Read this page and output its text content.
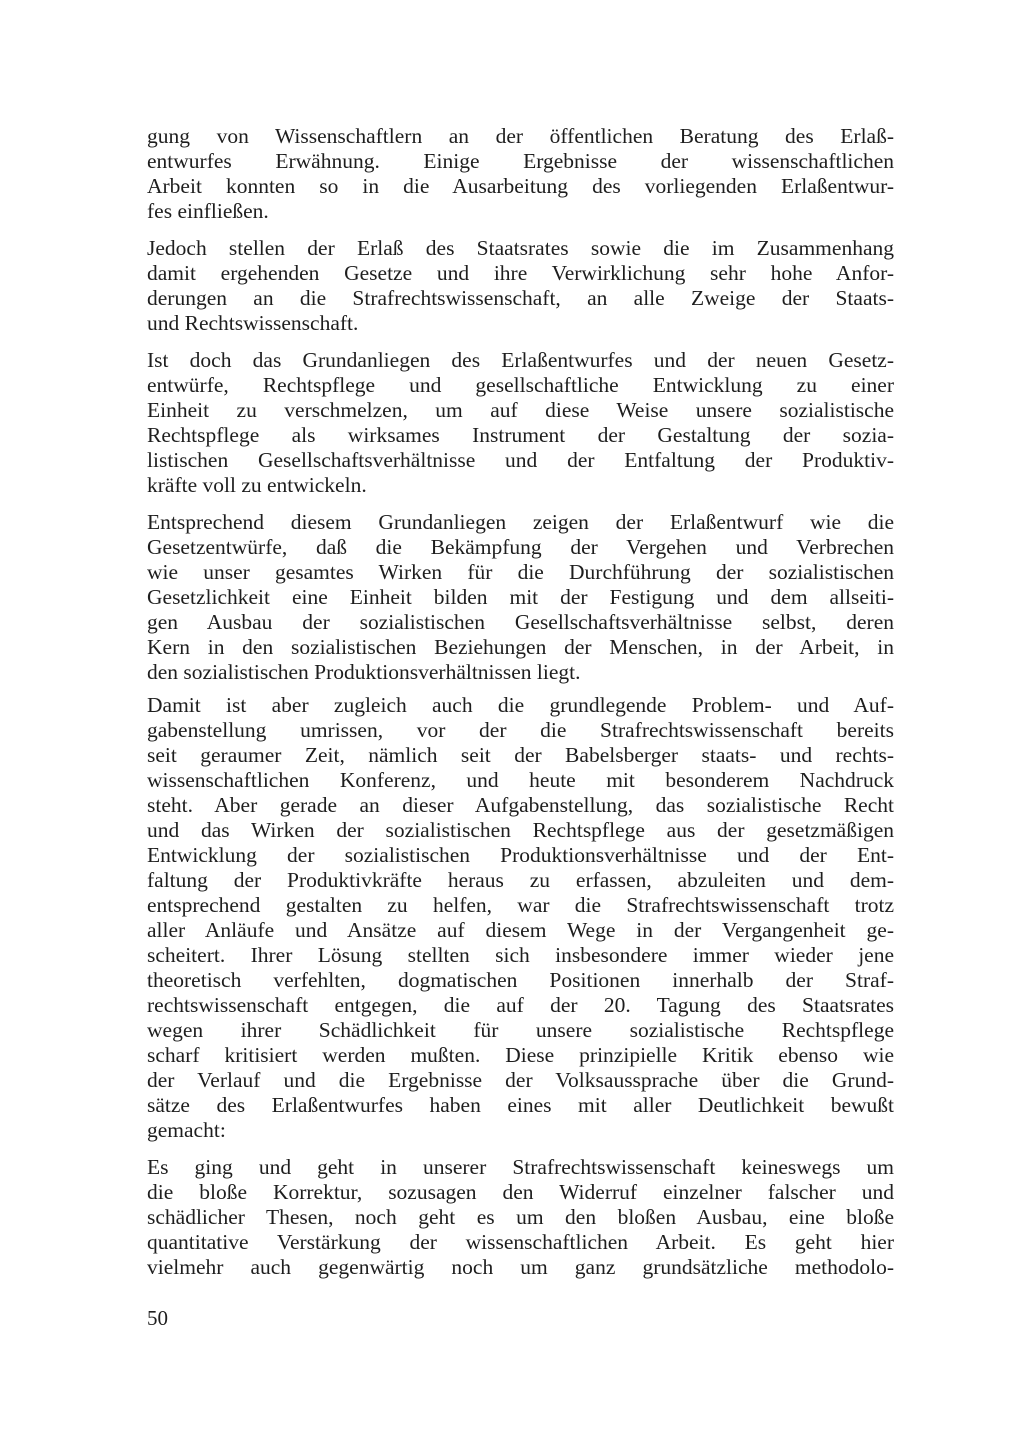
gung von Wissenschaftlern an der öffentlichen Beratung des Erlaß-
entwurfes Erwähnung. Einige Ergebnisse der wissenschaftlichen
Arbeit konnten so in die Ausarbeitung des vorliegenden Erlaßentwur-
fes einfließen.
Jedoch stellen der Erlaß des Staatsrates sowie die im Zusammenhang
damit ergehenden Gesetze und ihre Verwirklichung sehr hohe Anfor-
derungen an die Strafrechtswissenschaft, an alle Zweige der Staats-
und Rechtswissenschaft.
Ist doch das Grundanliegen des Erlaßentwurfes und der neuen Gesetz-
entwürfe, Rechtspflege und gesellschaftliche Entwicklung zu einer
Einheit zu verschmelzen, um auf diese Weise unsere sozialistische
Rechtspflege als wirksames Instrument der Gestaltung der sozia-
listischen Gesellschaftsverhältnisse und der Entfaltung der Produktiv-
kräfte voll zu entwickeln.
Entsprechend diesem Grundanliegen zeigen der Erlaßentwurf wie die
Gesetzentwürfe, daß die Bekämpfung der Vergehen und Verbrechen
wie unser gesamtes Wirken für die Durchführung der sozialistischen
Gesetzlichkeit eine Einheit bilden mit der Festigung und dem allseiti-
gen Ausbau der sozialistischen Gesellschaftsverhältnisse selbst, deren
Kern in den sozialistischen Beziehungen der Menschen, in der Arbeit, in
den sozialistischen Produktionsverhältnissen liegt.
Damit ist aber zugleich auch die grundlegende Problem- und Auf-
gabenstellung umrissen, vor der die Strafrechtswissenschaft bereits
seit geraumer Zeit, nämlich seit der Babelsberger staats- und rechts-
wissenschaftlichen Konferenz, und heute mit besonderem Nachdruck
steht. Aber gerade an dieser Aufgabenstellung, das sozialistische Recht
und das Wirken der sozialistischen Rechtspflege aus der gesetzmäßigen
Entwicklung der sozialistischen Produktionsverhältnisse und der Ent-
faltung der Produktivkräfte heraus zu erfassen, abzuleiten und dem-
entsprechend gestalten zu helfen, war die Strafrechtswissenschaft trotz
aller Anläufe und Ansätze auf diesem Wege in der Vergangenheit ge-
scheitert. Ihrer Lösung stellten sich insbesondere immer wieder jene
theoretisch verfehlten, dogmatischen Positionen innerhalb der Straf-
rechtswissenschaft entgegen, die auf der 20. Tagung des Staatsrates
wegen ihrer Schädlichkeit für unsere sozialistische Rechtspflege
scharf kritisiert werden mußten. Diese prinzipielle Kritik ebenso wie
der Verlauf und die Ergebnisse der Volksaussprache über die Grund-
sätze des Erlaßentwurfes haben eines mit aller Deutlichkeit bewußt
gemacht:
Es ging und geht in unserer Strafrechtswissenschaft keineswegs um
die bloße Korrektur, sozusagen den Widerruf einzelner falscher und
schädlicher Thesen, noch geht es um den bloßen Ausbau, eine bloße
quantitative Verstärkung der wissenschaftlichen Arbeit. Es geht hier
vielmehr auch gegenwärtig noch um ganz grundsätzliche methodolo-
50
